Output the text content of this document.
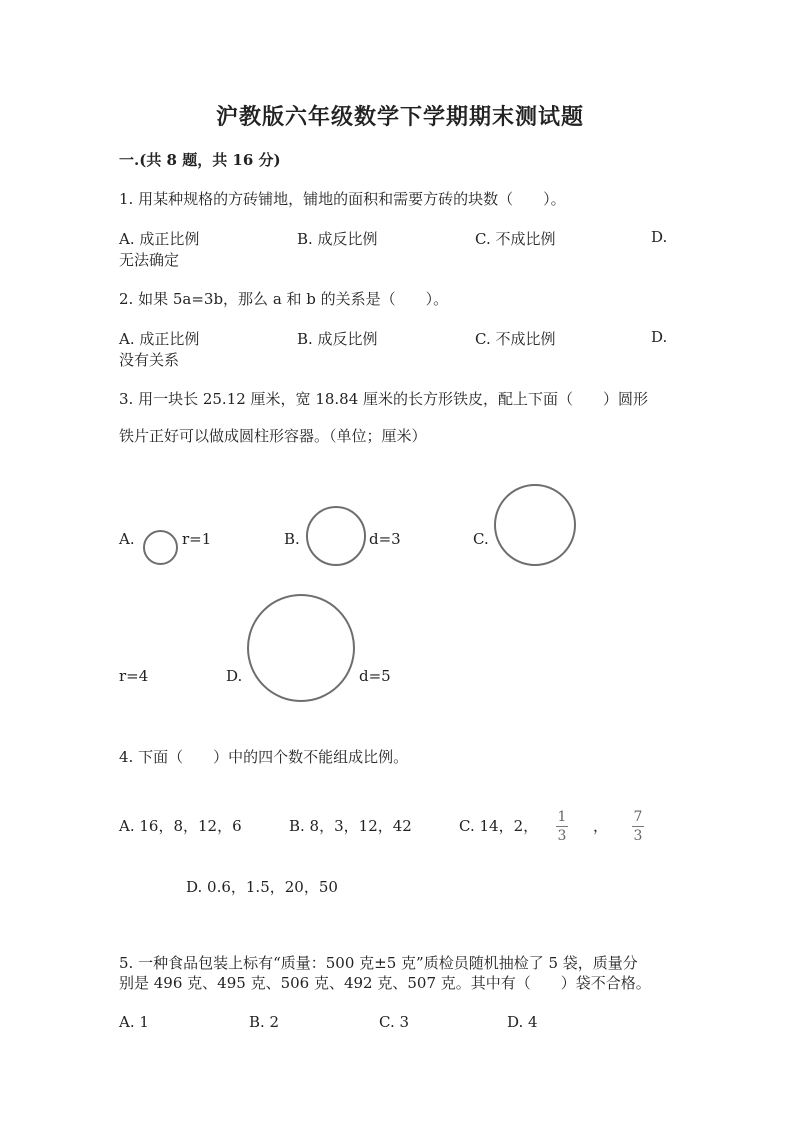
沪教版六年级数学下学期期末测试题
一.(共 8 题，共 16 分)
1. 用某种规格的方砖铺地，铺地的面积和需要方砖的块数（　　）。
A. 成正比例	B. 成反比例	C. 不成比例	D.
无法确定
2. 如果 5a=3b，那么 a 和 b 的关系是（　　）。
A. 成正比例	B. 成反比例	C. 不成比例	D.
没有关系
3. 用一块长 25.12 厘米，宽 18.84 厘米的长方形铁皮，配上下面（　　）圆形
铁片正好可以做成圆柱形容器。（单位；厘米）
A.	r=1	B.	d=3	C.
r=4	D.	d=5
4. 下面（　　）中的四个数不能组成比例。
A. 16，8，12，6	B. 8，3，12，42	C. 14，2， 1
3
， 7
3
D. 0.6，1.5，20，50
5. 一种食品包装上标有“质量：500 克±5 克”质检员随机抽检了 5 袋，质量分
别是 496 克、495 克、506 克、492 克、507 克。其中有（　　）袋不合格。
A. 1	B. 2	C. 3	D. 4
